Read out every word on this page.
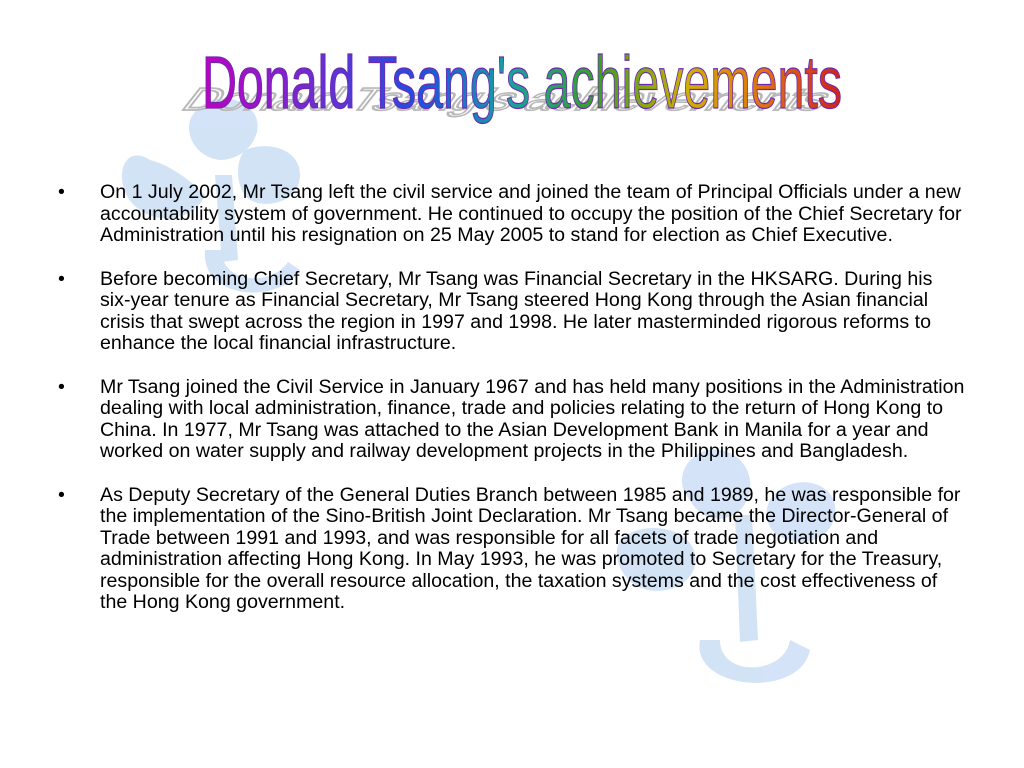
Donald Tsang's achievements
Donald Tsang's achievements
•	On 1 July 2002, Mr Tsang left the civil service and joined the team of Principal Officials under a new accountability system of government. He continued to occupy the position of the Chief Secretary for Administration until his resignation on 25 May 2005 to stand for election as Chief Executive.
•	Before becoming Chief Secretary, Mr Tsang was Financial Secretary in the HKSARG. During his six-year tenure as Financial Secretary, Mr Tsang steered Hong Kong through the Asian financial crisis that swept across the region in 1997 and 1998. He later masterminded rigorous reforms to enhance the local financial infrastructure.
•	Mr Tsang joined the Civil Service in January 1967 and has held many positions in the Administration dealing with local administration, finance, trade and policies relating to the return of Hong Kong to China. In 1977, Mr Tsang was attached to the Asian Development Bank in Manila for a year and worked on water supply and railway development projects in the Philippines and Bangladesh.
•	As Deputy Secretary of the General Duties Branch between 1985 and 1989, he was responsible for the implementation of the Sino-British Joint Declaration. Mr Tsang became the Director-General of Trade between 1991 and 1993, and was responsible for all facets of trade negotiation and administration affecting Hong Kong. In May 1993, he was promoted to Secretary for the Treasury, responsible for the overall resource allocation, the taxation systems and the cost effectiveness of the Hong Kong government.
